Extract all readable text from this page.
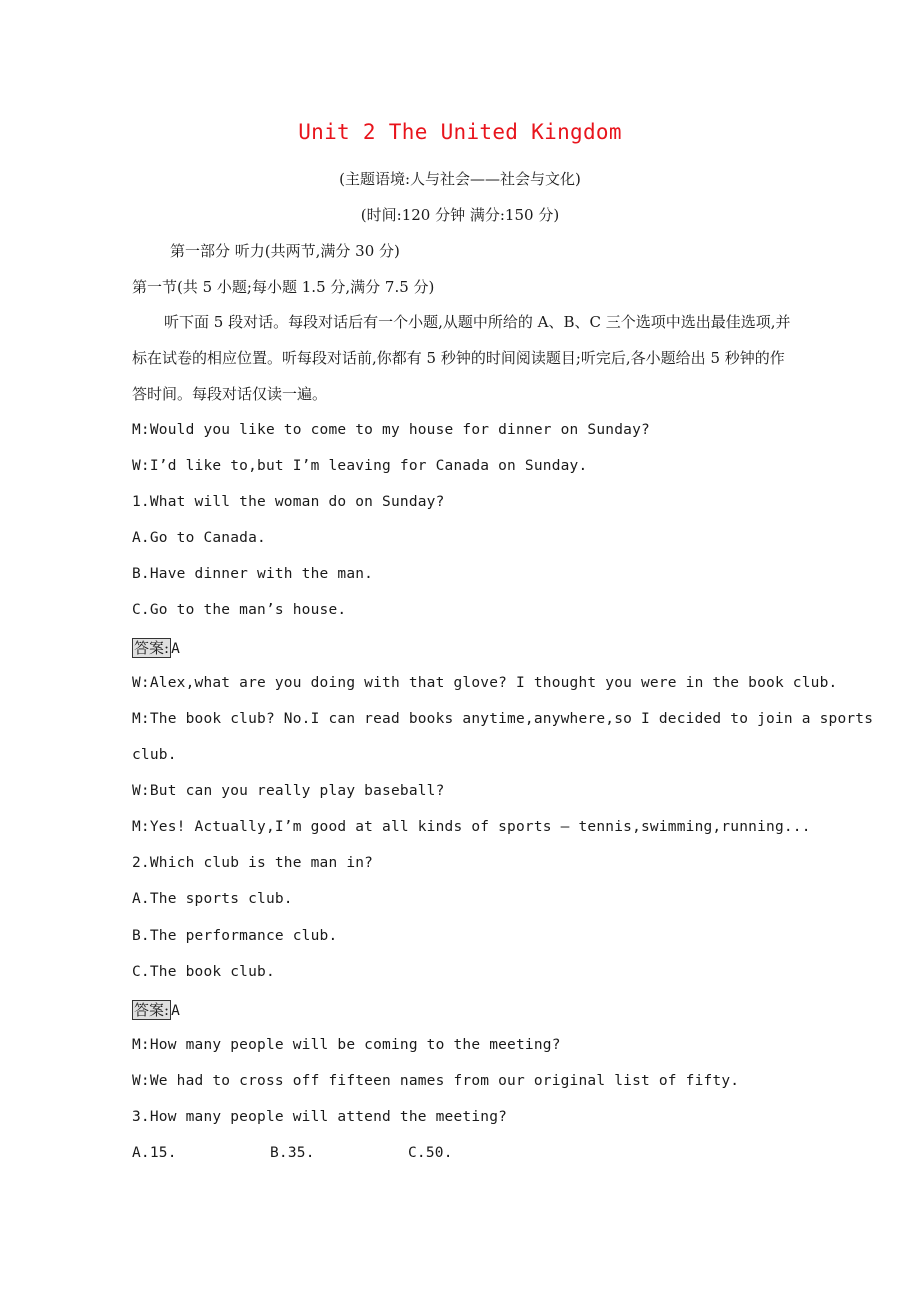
Unit 2 The United Kingdom
(主题语境:人与社会——社会与文化)
(时间:120 分钟 满分:150 分)
第一部分 听力(共两节,满分 30 分)
第一节(共 5 小题;每小题 1.5 分,满分 7.5 分)
听下面 5 段对话。每段对话后有一个小题,从题中所给的 A、B、C 三个选项中选出最佳选项,并标在试卷的相应位置。听每段对话前,你都有 5 秒钟的时间阅读题目;听完后,各小题给出 5 秒钟的作答时间。每段对话仅读一遍。
M:Would you like to come to my house for dinner on Sunday?
W:I’d like to,but I’m leaving for Canada on Sunday.
1.What will the woman do on Sunday?
A.Go to Canada.
B.Have dinner with the man.
C.Go to the man’s house.
答案: A
W:Alex,what are you doing with that glove? I thought you were in the book club.
M:The book club? No.I can read books anytime,anywhere,so I decided to join a sports
club.
W:But can you really play baseball?
M:Yes! Actually,I’m good at all kinds of sports — tennis,swimming,running...
2.Which club is the man in?
A.The sports club.
B.The performance club.
C.The book club.
答案: A
M:How many people will be coming to the meeting?
W:We had to cross off fifteen names from our original list of fifty.
3.How many people will attend the meeting?
A.15.	B.35.	C.50.
